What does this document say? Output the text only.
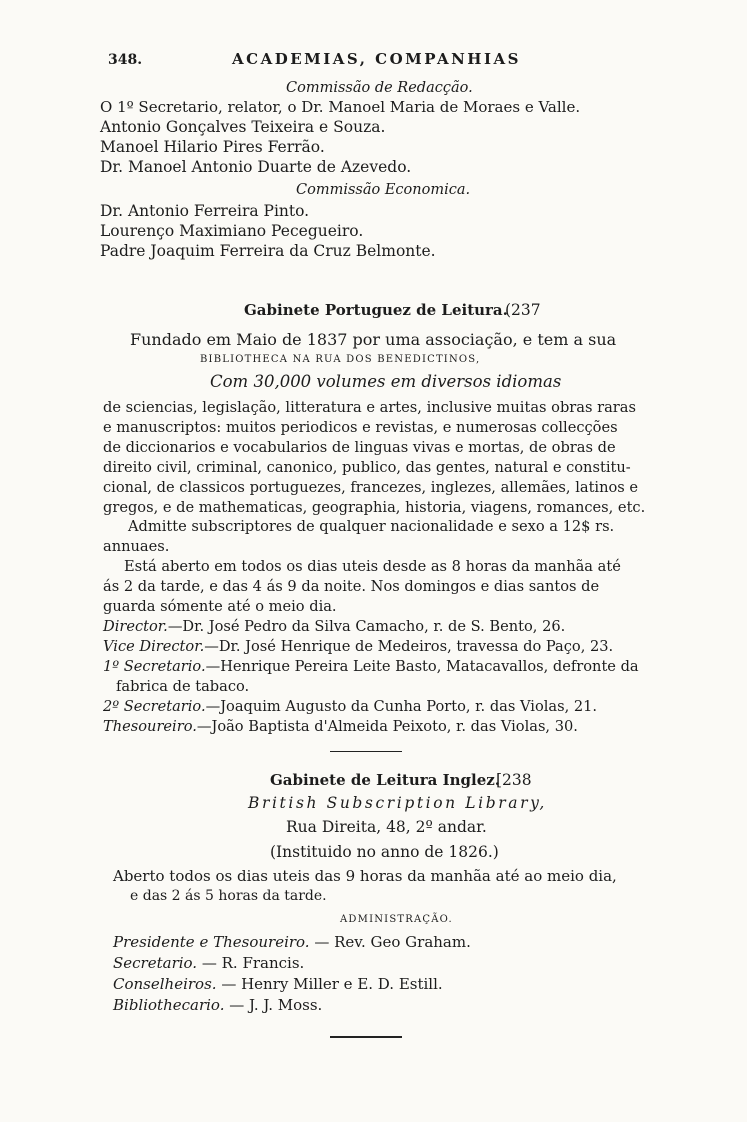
348.	ACADEMIAS, COMPANHIAS
Commissão de Redacção.
O 1º Secretario, relator, o Dr. Manoel Maria de Moraes e Valle.
Antonio Gonçalves Teixeira e Souza.
Manoel Hilario Pires Ferrão.
Dr. Manoel Antonio Duarte de Azevedo.
Commissão Economica.
Dr. Antonio Ferreira Pinto.
Lourenço Maximiano Pecegueiro.
Padre Joaquim Ferreira da Cruz Belmonte.
Gabinete Portuguez de Leitura.
(237
Fundado em Maio de 1837 por uma associação, e tem a sua
BIBLIOTHECA NA RUA DOS BENEDICTINOS,
Com 30,000 volumes em diversos idiomas
de sciencias, legislação, litteratura e artes, inclusive muitas obras raras
e manuscriptos: muitos periodicos e revistas, e numerosas collecções
de diccionarios e vocabularios de linguas vivas e mortas, de obras de
direito civil, criminal, canonico, publico, das gentes, natural e constitu-
cional, de classicos portuguezes, francezes, inglezes, allemães, latinos e
gregos, e de mathematicas, geographia, historia, viagens, romances, etc.
Admitte subscriptores de qualquer nacionalidade e sexo a 12$ rs.
annuaes.
Está aberto em todos os dias uteis desde as 8 horas da manhãa até
ás 2 da tarde, e das 4 ás 9 da noite. Nos domingos e dias santos de
guarda sómente até o meio dia.
Director.—Dr. José Pedro da Silva Camacho, r. de S. Bento, 26.
Vice Director.—Dr. José Henrique de Medeiros, travessa do Paço, 23.
1º Secretario.—Henrique Pereira Leite Basto, Matacavallos, defronte da
fabrica de tabaco.
2º Secretario.—Joaquim Augusto da Cunha Porto, r. das Violas, 21.
Thesoureiro.—João Baptista d'Almeida Peixoto, r. das Violas, 30.
Gabinete de Leitura Inglez.
[238
British Subscription Library,
Rua Direita, 48, 2º andar.
(Instituido no anno de 1826.)
Aberto todos os dias uteis das 9 horas da manhãa até ao meio dia,
e das 2 ás 5 horas da tarde.
ADMINISTRAÇÃO.
Presidente e Thesoureiro. — Rev. Geo Graham.
Secretario. — R. Francis.
Conselheiros. — Henry Miller e E. D. Estill.
Bibliothecario. — J. J. Moss.
